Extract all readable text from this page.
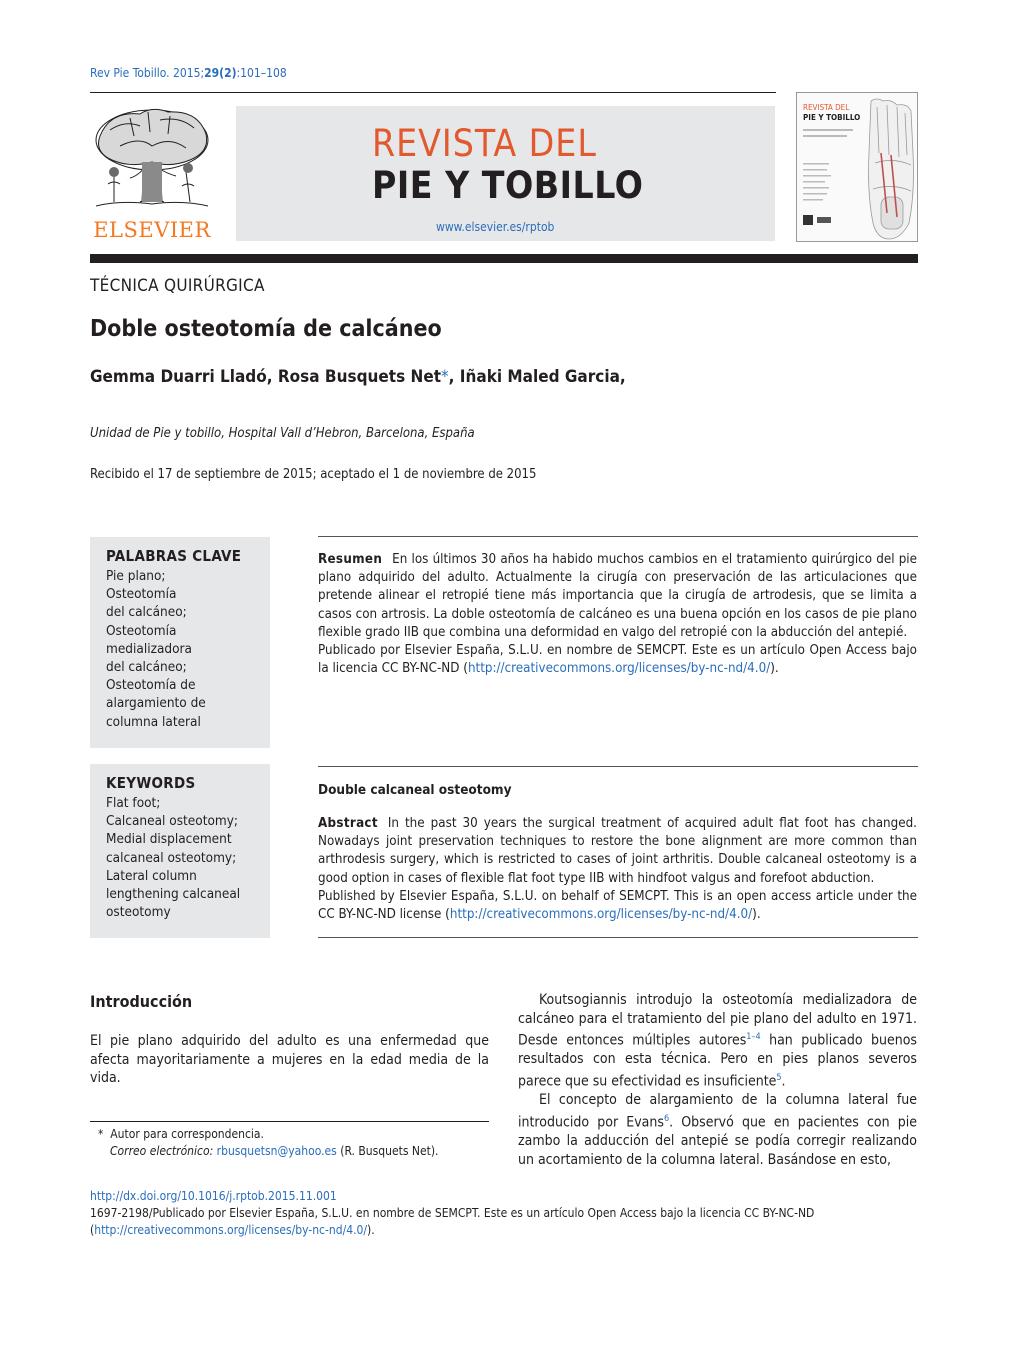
Rev Pie Tobillo. 2015;29(2):101–108
ELSEVIER
REVISTA DEL
PIE Y TOBILLO
www.elsevier.es/rptob
REVISTA DEL
PIE Y TOBILLO
TÉCNICA QUIRÚRGICA
Doble osteotomía de calcáneo
Gemma Duarri Lladó, Rosa Busquets Net*, Iñaki Maled Garcia,
Unidad de Pie y tobillo, Hospital Vall d’Hebron, Barcelona, España
Recibido el 17 de septiembre de 2015; aceptado el 1 de noviembre de 2015
PALABRAS CLAVE
Pie plano;
Osteotomía
del calcáneo;
Osteotomía
medializadora
del calcáneo;
Osteotomía de
alargamiento de
columna lateral
KEYWORDS
Flat foot;
Calcaneal osteotomy;
Medial displacement
calcaneal osteotomy;
Lateral column
lengthening calcaneal
osteotomy

Resumen En los últimos 30 años ha habido muchos cambios en el tratamiento quirúrgico del pie plano adquirido del adulto. Actualmente la cirugía con preservación de las articulaciones que pretende alinear el retropié tiene más importancia que la cirugía de artrodesis, que se limita a casos con artrosis. La doble osteotomía de calcáneo es una buena opción en los casos de pie plano flexible grado IIB que combina una deformidad en valgo del retropié con la abducción del antepié.

Publicado por Elsevier España, S.L.U. en nombre de SEMCPT. Este es un artículo Open Access bajo la licencia CC BY-NC-ND (http://creativecommons.org/licenses/by-nc-nd/4.0/).

Double calcaneal osteotomy

Abstract In the past 30 years the surgical treatment of acquired adult flat foot has changed. Nowadays joint preservation techniques to restore the bone alignment are more common than arthrodesis surgery, which is restricted to cases of joint arthritis. Double calcaneal osteotomy is a good option in cases of flexible flat foot type IIB with hindfoot valgus and forefoot abduction.

Published by Elsevier España, S.L.U. on behalf of SEMCPT. This is an open access article under the CC BY-NC-ND license (http://creativecommons.org/licenses/by-nc-nd/4.0/).

Introducción
El pie plano adquirido del adulto es una enfermedad que afecta mayoritariamente a mujeres en la edad media de la vida.
* Autor para correspondencia.
Correo electrónico: rbusquetsn@yahoo.es (R. Busquets Net).

Koutsogiannis introdujo la osteotomía medializadora de calcáneo para el tratamiento del pie plano del adulto en 1971. Desde entonces múltiples autores$^{1-4}$ han publicado buenos resultados con esta técnica. Pero en pies planos severos parece que su efectividad es insuficiente$^5$.

El concepto de alargamiento de la columna lateral fue introducido por Evans$^6$. Observó que en pacientes con pie zambo la adducción del antepié se podía corregir realizando un acortamiento de la columna lateral. Basándose en esto,

http://dx.doi.org/10.1016/j.rptob.2015.11.001
1697-2198/Publicado por Elsevier España, S.L.U. en nombre de SEMCPT. Este es un artículo Open Access bajo la licencia CC BY-NC-ND
(http://creativecommons.org/licenses/by-nc-nd/4.0/).
